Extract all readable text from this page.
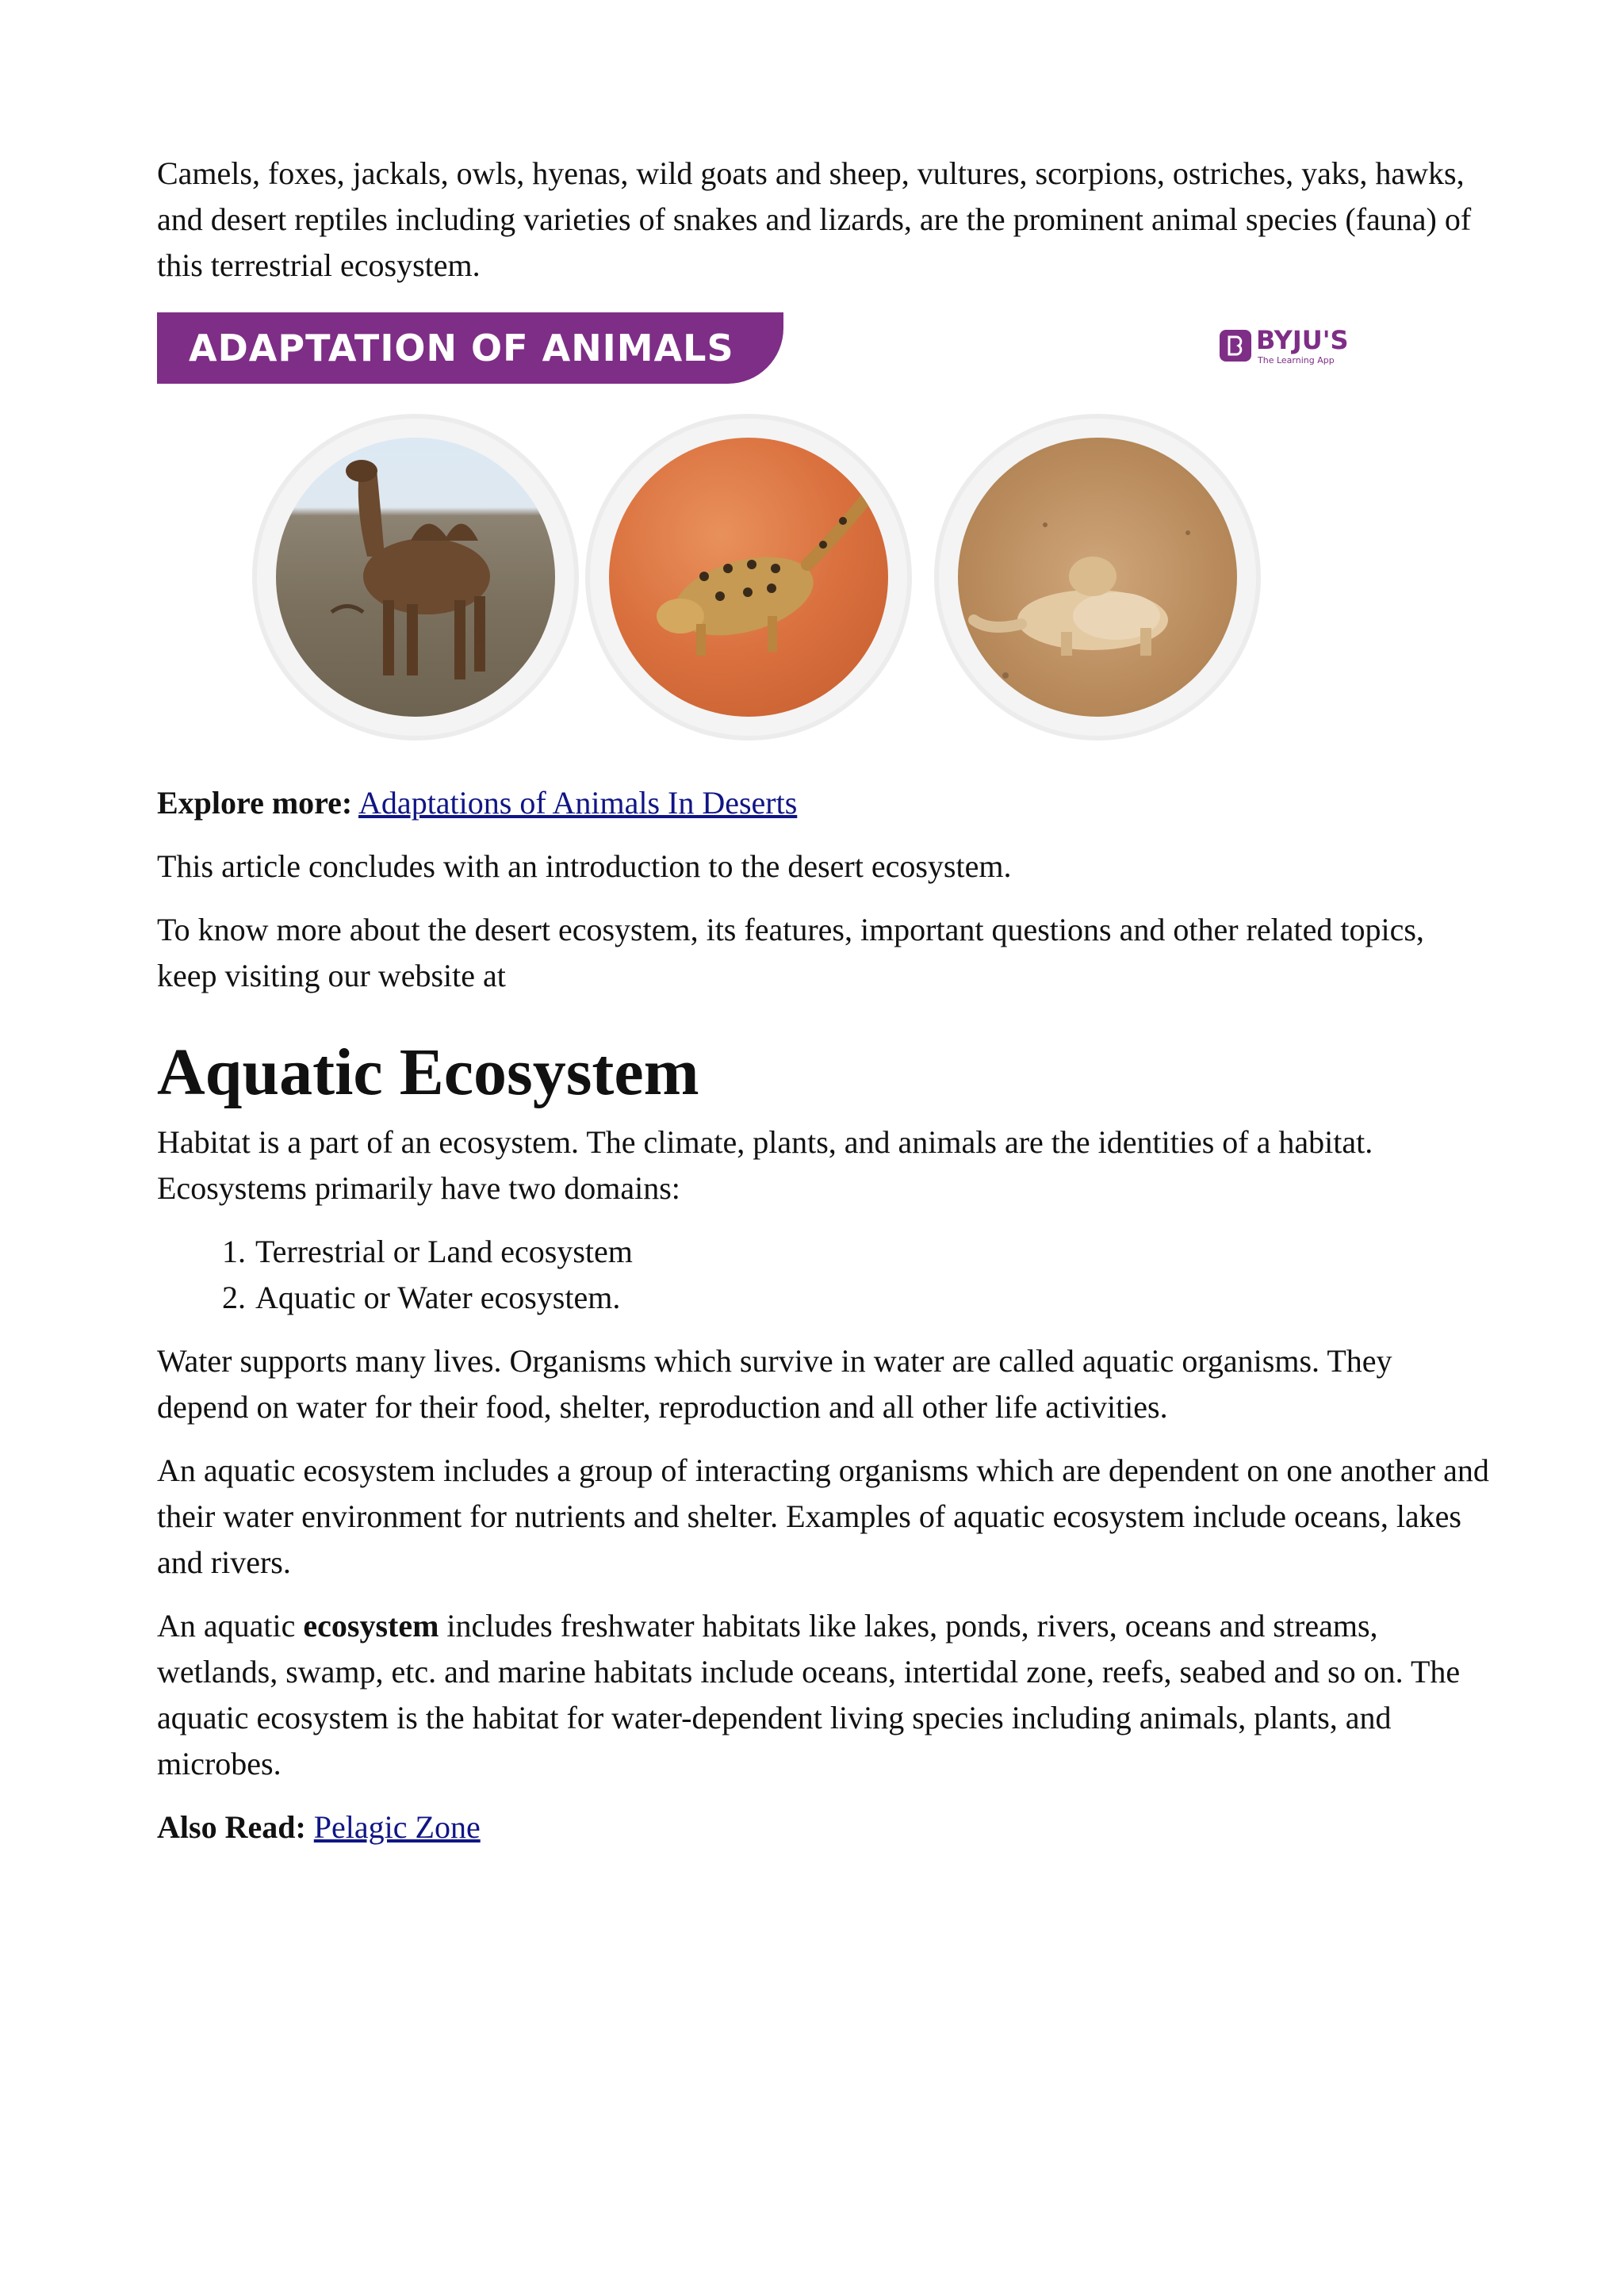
Camels, foxes, jackals, owls, hyenas, wild goats and sheep, vultures, scorpions, ostriches, yaks, hawks, and desert reptiles including varieties of snakes and lizards, are the prominent animal species (fauna) of this terrestrial ecosystem.

ADAPTATION OF ANIMALS	BYJU'S
The Learning App

Explore more: Adaptations of Animals In Deserts

This article concludes with an introduction to the desert ecosystem.

To know more about the desert ecosystem, its features, important questions and other related topics, keep visiting our website at

Aquatic Ecosystem

Habitat is a part of an ecosystem. The climate, plants, and animals are the identities of a habitat. Ecosystems primarily have two domains:

1. Terrestrial or Land ecosystem
2. Aquatic or Water ecosystem.

Water supports many lives. Organisms which survive in water are called aquatic organisms. They depend on water for their food, shelter, reproduction and all other life activities.

An aquatic ecosystem includes a group of interacting organisms which are dependent on one another and their water environment for nutrients and shelter. Examples of aquatic ecosystem include oceans, lakes and rivers.

An aquatic ecosystem includes freshwater habitats like lakes, ponds, rivers, oceans and streams, wetlands, swamp, etc. and marine habitats include oceans, intertidal zone, reefs, seabed and so on. The aquatic ecosystem is the habitat for water-dependent living species including animals, plants, and microbes.

Also Read: Pelagic Zone
